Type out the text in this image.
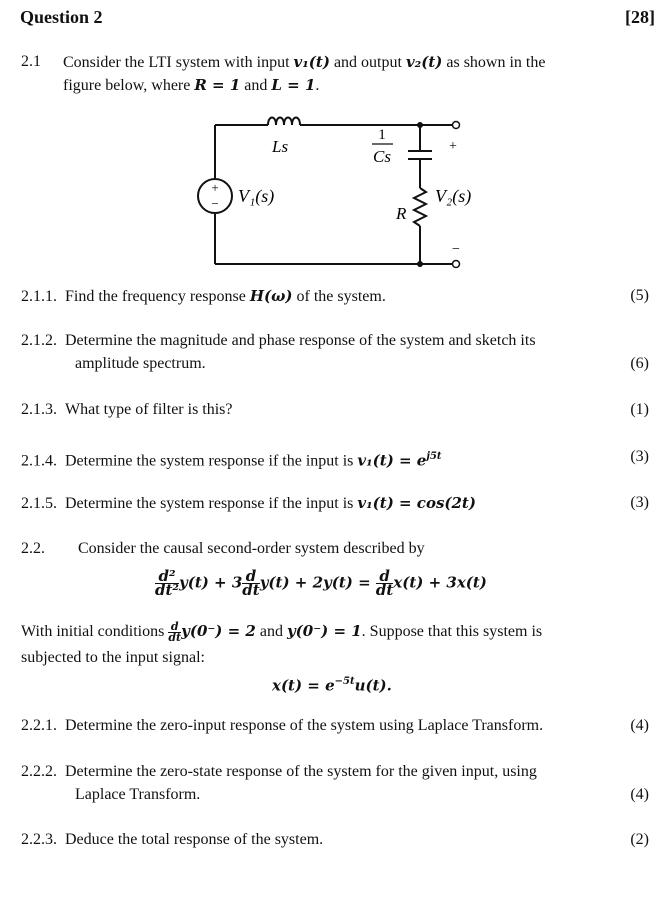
Question 2	[28]
2.1 Consider the LTI system with input v₁(t) and output v₂(t) as shown in the
figure below, where R = 1 and L = 1.
+
−
Ls
1
Cs
V₁(s)	V₂(s)
R
+
−
2.1.1. Find the frequency response H(ω) of the system.	(5)
2.1.2. Determine the magnitude and phase response of the system and sketch its
amplitude spectrum.	(6)
2.1.3. What type of filter is this?	(1)
2.1.4. Determine the system response if the input is $v_1(t) = e^{j5t}$	(3)
2.1.5. Determine the system response if the input is v₁(t) = cos(2t)	(3)
2.2. Consider the causal second-order system described by
$\frac{\text{d²}}{\text{dt²}} y(t) + 3 \frac{d}{dt} y(t) + 2y(t) = \frac{d}{dt} x(t) + 3x(t)$
With initial conditions $\frac{d}{dt} y(0^-) = 2$ and y(0⁻) = 1. Suppose that this system is
subjected to the input signal:
$x(t) = e^{-5t}u(t)$.
2.2.1. Determine the zero-input response of the system using Laplace Transform.	(4)
2.2.2. Determine the zero-state response of the system for the given input, using
Laplace Transform.	(4)
2.2.3. Deduce the total response of the system.	(2)
